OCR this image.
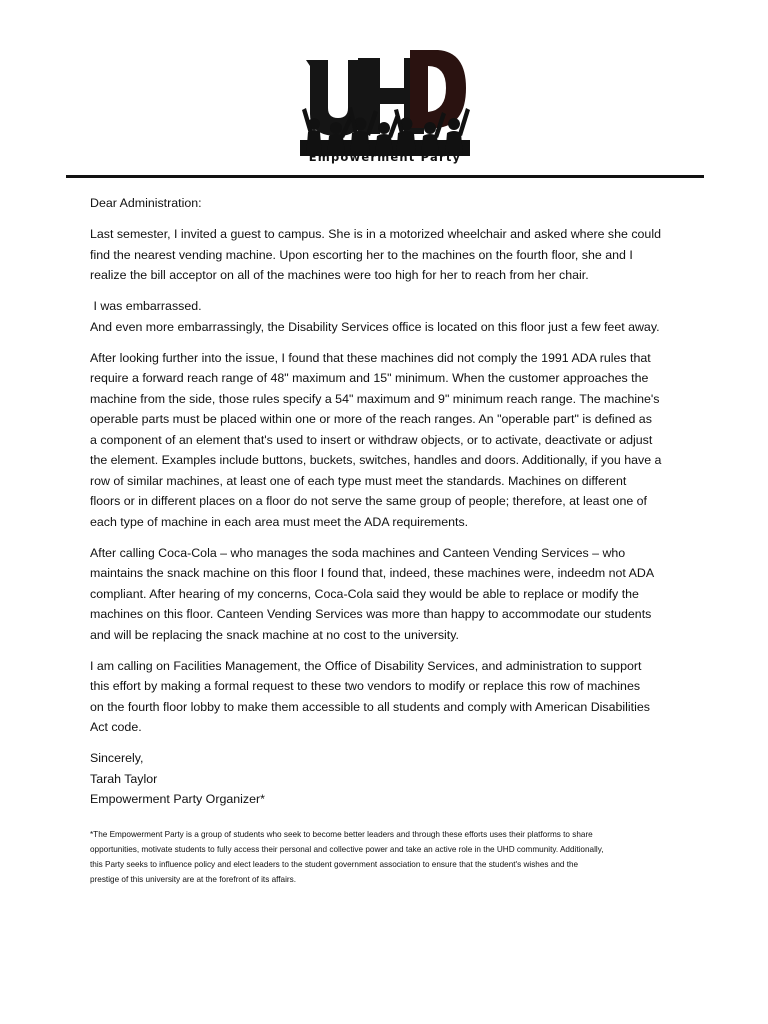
Empowerment Party

Dear Administration:

Last semester, I invited a guest to campus. She is in a motorized wheelchair and asked where she could
find the nearest vending machine. Upon escorting her to the machines on the fourth floor, she and I
realize the bill acceptor on all of the machines were too high for her to reach from her chair.

I was embarrassed.
And even more embarrassingly, the Disability Services office is located on this floor just a few feet away.

After looking further into the issue, I found that these machines did not comply the 1991 ADA rules that
require a forward reach range of 48" maximum and 15" minimum. When the customer approaches the
machine from the side, those rules specify a 54" maximum and 9" minimum reach range. The machine's
operable parts must be placed within one or more of the reach ranges. An "operable part" is defined as
a component of an element that's used to insert or withdraw objects, or to activate, deactivate or adjust
the element. Examples include buttons, buckets, switches, handles and doors. Additionally, if you have a
row of similar machines, at least one of each type must meet the standards. Machines on different
floors or in different places on a floor do not serve the same group of people; therefore, at least one of
each type of machine in each area must meet the ADA requirements.

After calling Coca-Cola – who manages the soda machines and Canteen Vending Services – who
maintains the snack machine on this floor I found that, indeed, these machines were, indeedm not ADA
compliant. After hearing of my concerns, Coca-Cola said they would be able to replace or modify the
machines on this floor. Canteen Vending Services was more than happy to accommodate our students
and will be replacing the snack machine at no cost to the university.

I am calling on Facilities Management, the Office of Disability Services, and administration to support
this effort by making a formal request to these two vendors to modify or replace this row of machines
on the fourth floor lobby to make them accessible to all students and comply with American Disabilities
Act code.

Sincerely,
Tarah Taylor
Empowerment Party Organizer*

*The Empowerment Party is a group of students who seek to become better leaders and through these efforts uses their platforms to share
opportunities, motivate students to fully access their personal and collective power and take an active role in the UHD community. Additionally,
this Party seeks to influence policy and elect leaders to the student government association to ensure that the student's wishes and the
prestige of this university are at the forefront of its affairs.
